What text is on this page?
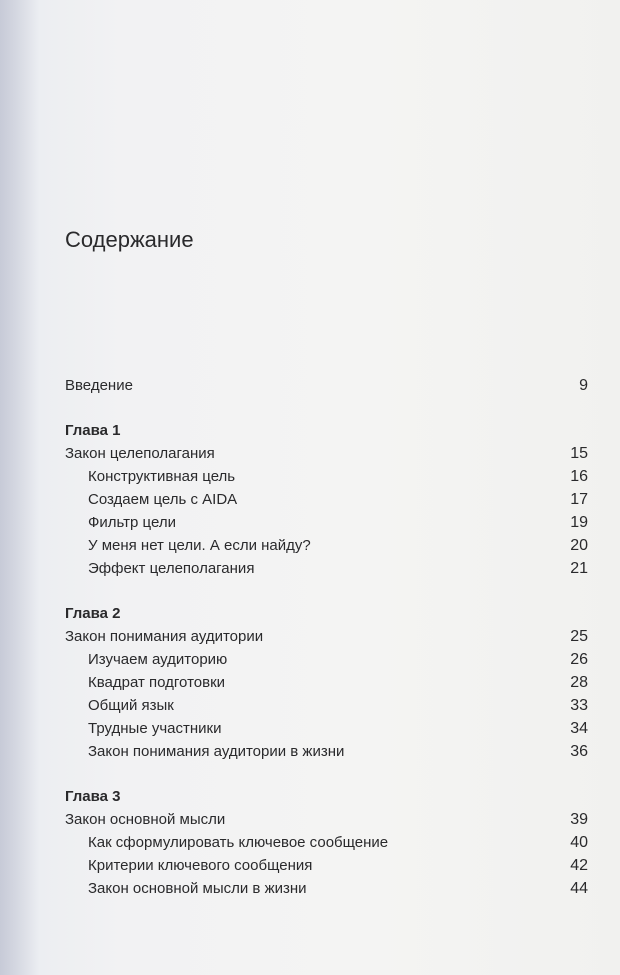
Содержание
Введение	9
Глава 1
Закон целеполагания	15
Конструктивная цель	16
Создаем цель с AIDA	17
Фильтр цели	19
У меня нет цели. А если найду?	20
Эффект целеполагания	21
Глава 2
Закон понимания аудитории	25
Изучаем аудиторию	26
Квадрат подготовки	28
Общий язык	33
Трудные участники	34
Закон понимания аудитории в жизни	36
Глава 3
Закон основной мысли	39
Как сформулировать ключевое сообщение	40
Критерии ключевого сообщения	42
Закон основной мысли в жизни	44
